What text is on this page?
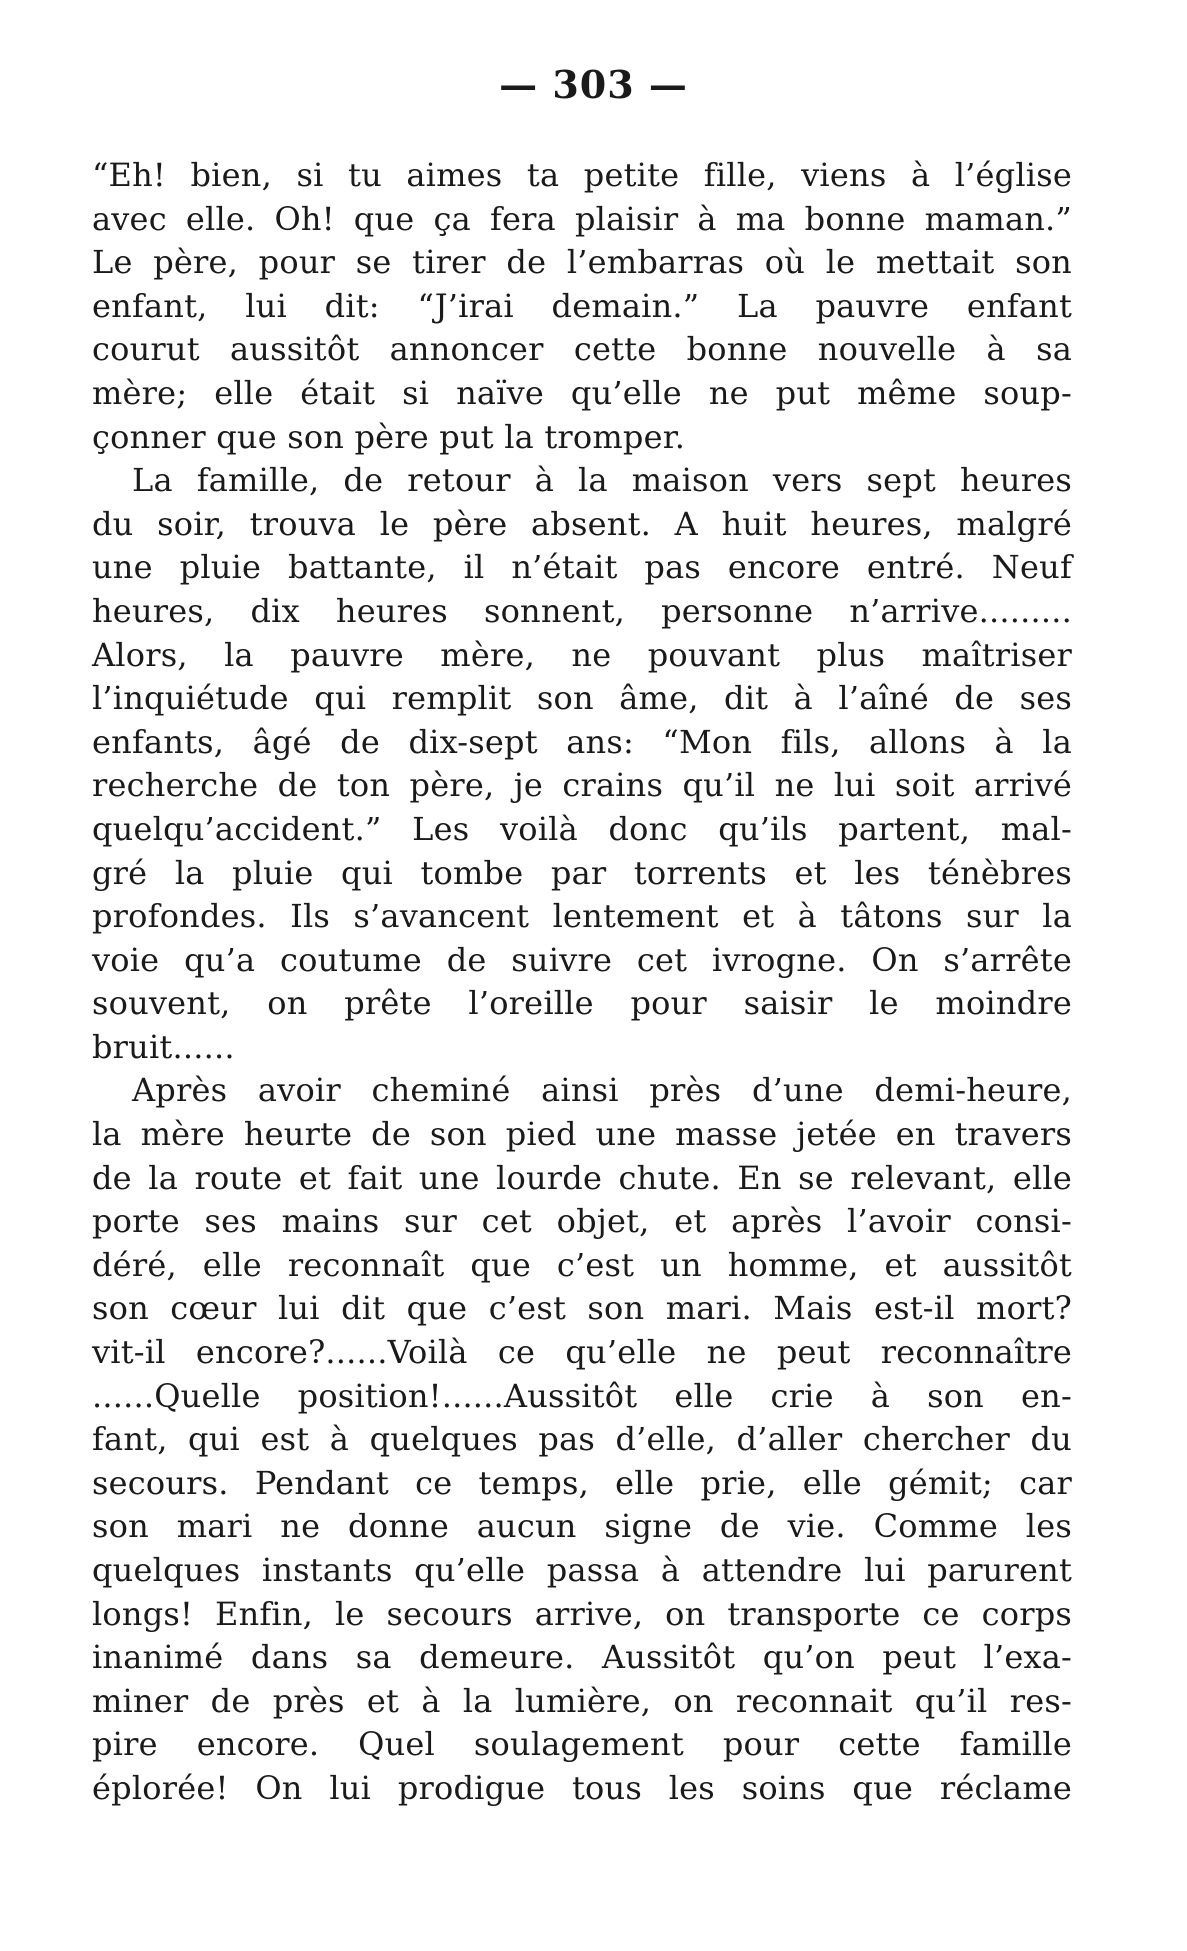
— 303 —
“Eh! bien, si tu aimes ta petite fille, viens à l’église
avec elle. Oh! que ça fera plaisir à ma bonne maman.”
Le père, pour se tirer de l’embarras où le mettait son
enfant, lui dit: “J’irai demain.” La pauvre enfant
courut aussitôt annoncer cette bonne nouvelle à sa
mère; elle était si naïve qu’elle ne put même soup-
çonner que son père put la tromper.
La famille, de retour à la maison vers sept heures
du soir, trouva le père absent. A huit heures, malgré
une pluie battante, il n’était pas encore entré. Neuf
heures, dix heures sonnent, personne n’arrive.........
Alors, la pauvre mère, ne pouvant plus maîtriser
l’inquiétude qui remplit son âme, dit à l’aîné de ses
enfants, âgé de dix-sept ans: “Mon fils, allons à la
recherche de ton père, je crains qu’il ne lui soit arrivé
quelqu’accident.” Les voilà donc qu’ils partent, mal-
gré la pluie qui tombe par torrents et les ténèbres
profondes. Ils s’avancent lentement et à tâtons sur la
voie qu’a coutume de suivre cet ivrogne. On s’arrête
souvent, on prête l’oreille pour saisir le moindre
bruit......
Après avoir cheminé ainsi près d’une demi-heure,
la mère heurte de son pied une masse jetée en travers
de la route et fait une lourde chute. En se relevant, elle
porte ses mains sur cet objet, et après l’avoir consi-
déré, elle reconnaît que c’est un homme, et aussitôt
son cœur lui dit que c’est son mari. Mais est-il mort?
vit-il encore?......Voilà ce qu’elle ne peut reconnaître
......Quelle position!......Aussitôt elle crie à son en-
fant, qui est à quelques pas d’elle, d’aller chercher du
secours. Pendant ce temps, elle prie, elle gémit; car
son mari ne donne aucun signe de vie. Comme les
quelques instants qu’elle passa à attendre lui parurent
longs! Enfin, le secours arrive, on transporte ce corps
inanimé dans sa demeure. Aussitôt qu’on peut l’exa-
miner de près et à la lumière, on reconnait qu’il res-
pire encore. Quel soulagement pour cette famille
éplorée! On lui prodigue tous les soins que réclame
